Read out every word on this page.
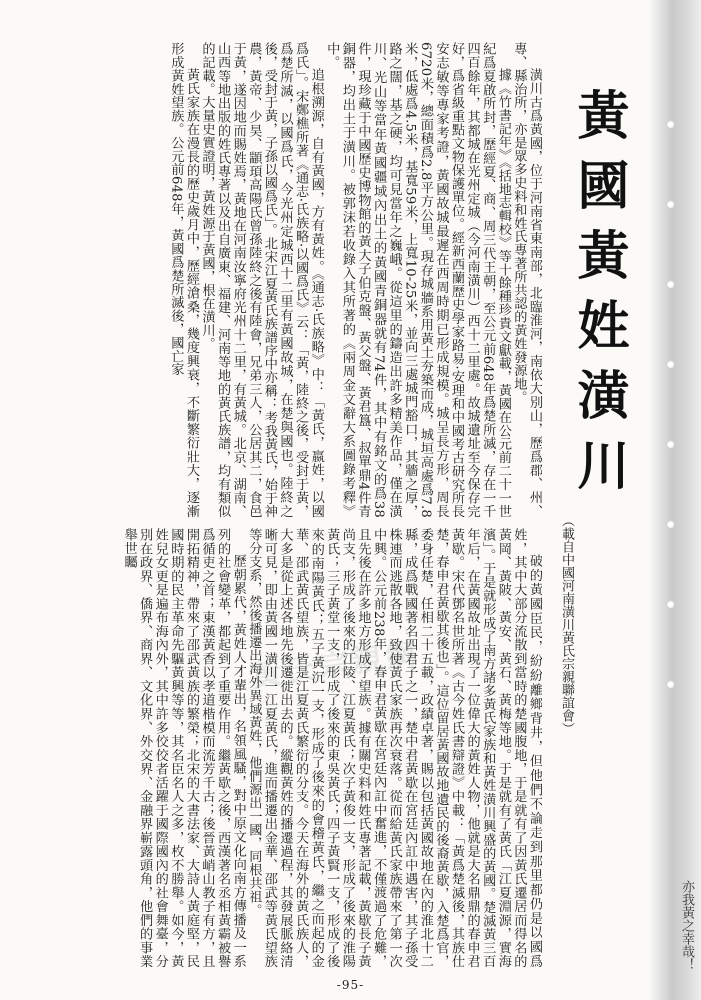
黃氏宗親網
黃國黃姓潢川
（載自中國河南潢川黃氏宗親聯誼會）

潢川古爲黃國，位于河南省東南部，北臨淮河，南依大別山，歷爲郡、州、專、縣治所，亦是眾多史料和姓氏專著所共認的黃姓發源地。

據《竹書記年》《括地志輯校》等十餘種珍貴文獻載，黃國在公元前二十一世紀爲夏啟所封，歷經夏、商、周三代王朝，至公元前648年爲楚所滅，存在一千四百餘年，其都城在光州定城（今河南潢川）西十二里處。故城遺址至今保存完好，爲省級重點文物保護單位。經新西蘭歷史學家路易·安理和中國考古研究所長安志敏等專家考證，黃國故城最遲在西周時期已形成規模。城呈長方形，周長6720米，總面積爲2.8平方公里。現存城牆系用黃土夯築而成，城垣高處爲7.8米，低處爲4.5米，基寬59米，上寬10-25米，並向三處城門豁口，其牆之厚，路之闊，基之硬，均可見當年之巍峨。從這里的鑄造出許多精美作品，僅在潢川、光山等當年黃國疆域內出土的黃國青銅器就有74件，其中有銘文的爲38件，現珍藏于中國歷史博物館的黃大子伯克盤、黃父盤、黃君簋、叔單鼎4件青銅器，均出土于潢川。被郭沫若收錄入其所著的《兩周金文辭大系圖錄考釋》中。

追根溯源，自有黃國，方有黃姓。《通志·氏族略》中：「黃氏，嬴姓，以國爲氏」。宋鄭樵所著《通志·氏族略·以國爲氏》云：「黃，陸終之後，受封于黃，爲楚所滅，以國爲氏，今光州定城西十二里有黃國故城，在楚與國也。陸終之後，受封于黃，子孫以國爲氏」。北宋江夏黃氏族譜序中亦稱：考我黃氏，始于神農，黃帝、少昊、顓頊高陽氏曾孫陸終之後有陸會，兄弟三人，公居其二，食邑于黃，遂因地而賜姓焉，黃地在河南汝寧府光州十二里，有黃城。北京、湖南、山西等地出版的姓氏專著以及出自廣東、福建、河南等地的黃氏族譜，均有類似的記載。大量史實證明，黃姓源于黃國，根在潢川。

黃氏家族在漫長的歷史歲月中，歷經滄桑，幾度興衰，不斷繁衍壯大，逐漸形成黃姓望族。公元前648年，黃國爲楚所滅後，國亡家

破的黃國臣民，紛紛離鄉背井，但他們不論走到那里都仍是以國爲姓，其中大部分流散到當時的楚國腹地，于是就有了因黃氏遷居而得名的黃岡、黃陂、黃安、黃石、黃梅等地。于是就有了黃氏「江夏淵源，實海濱」。于是就形成了南方諸多黃氏家族和黃姓潢川興盛的黃國。楚滅黃三百年后，在黃國故址出現了一位偉大的黃姓人物，他就是大名鼎鼎的春申君黃歇。宋代鄧名世所著《古今姓氏書辯證》中載：「黃爲楚滅後，其族仕楚，春申君黃歇其後也」。這位留居黃國故地遺民的後裔黃歇，入楚爲官，委身任楚，任相二十五載，政績卓著，賜以包括黃國故地在內的淮北十二縣，成爲戰國著名四君子之一，楚中君黃歇在宮廷內訌中遇害，其子孫受株連而逃散各地，致使黃氏家族再次衰落。從而給黃氏家族帶來了第一次中興。公元前238年，春申君黃歇在宮廷內訌中奮進，不僅渡過了危難，且先後在許多地方形成了望族。據有關史料和姓氏專著記載，黃歇長子黃尚支，形成了後來的江陵、江夏黃氏；次子黃俊一支，形成了後來的淮陽黃氏；三子黃堂一支，形成了後來的東吳黃氏；四子黃賢一支，形成了後來的南陽黃氏；五子黃沉一支，形成了後來的會稽黃氏，繼之而起的金華、邵武黃氏望族，皆是江夏黃氏繁衍的分支。今天在海外的黃氏族人，大多是從上述各地先後遷徙出去的。縱觀黃姓的播遷過程，其發展脈絡清晰可見，即由黃國一潢川一江夏黃氏，進而播遷出金華、邵武等黃氏望族等分支系，然後播遷出海外異域黃姓，他們源出一國，同根共祖。

歷朝累代，黃姓人才輩出，名領風騷，對中原文化向南方傳播及一系列的社會變革，都起到了重要作用。繼黃歇之後，西漢著名丞相黃霸被譽爲循吏之首；東漢黃香以孝道楷模而流芳千古；後晉黃峭山教子有方，且開拓精神，帶來了邵武黃族的繁榮；北宋的大書法家、大詩人黃庭堅，民國時期的民主革命先驅黃興等等，其名臣名人之多，枚不勝舉。如今，黃姓兒女更是遍布海內外，其中許多佼佼者活躍于國際國內的社會舞臺，分別在政界、僑界、商界、文化界、外交界、金融界嶄露頭角，他們的事業舉世矚

亦我黃之幸哉！
-95-
